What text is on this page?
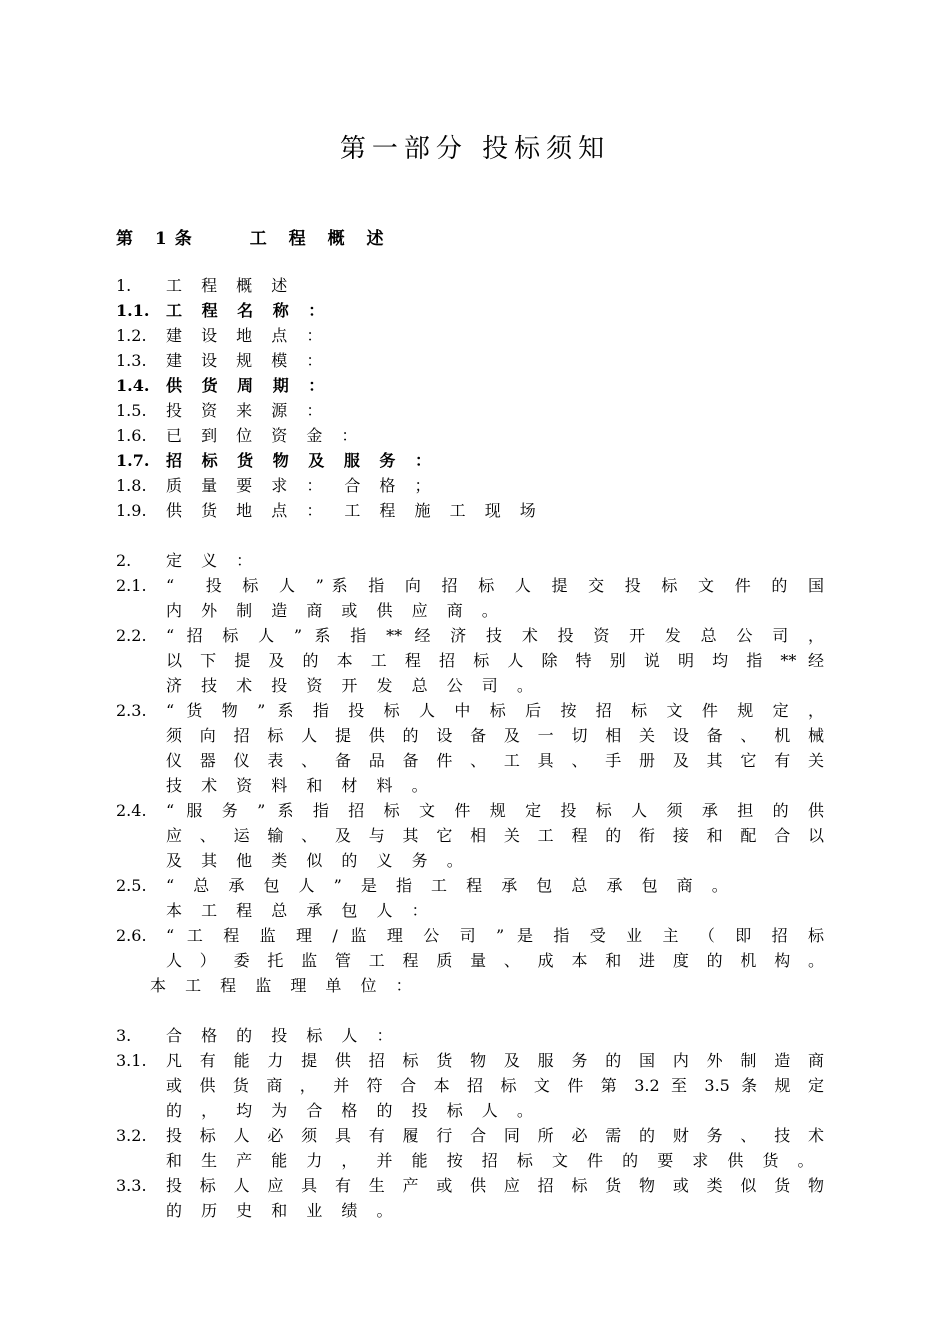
第一部分 投标须知
第 1条　　工 程 概 述
1. 工 程 概 述
1.1. 工 程 名 称 ：
1.2. 建 设 地 点 ：
1.3. 建 设 规 模 ：
1.4. 供 货 周 期 ：
1.5. 投 资 来 源 ：
1.6. 已 到 位 资 金 ：
1.7. 招 标 货 物 及 服 务 ：
1.8. 质 量 要 求 ：　合 格 ；
1.9. 供 货 地 点 ：　工 程 施 工 现 场
2. 定 义 ：
2.1.	“　投 标 人 ”系 指 向 招 标 人 提 交 投 标 文 件 的 国
内 外 制 造 商 或 供 应 商 。
2.2.	“ 招 标 人 ” 系 指 ** 经 济 技 术 投 资 开 发 总 公 司 ，
以 下 提 及 的 本 工 程 招 标 人 除 特 别 说 明 均 指 ** 经
济 技 术 投 资 开 发 总 公 司 。
2.3.	“ 货 物 ” 系 指 投 标 人 中 标 后 按 招 标 文 件 规 定 ，
须 向 招 标 人 提 供 的 设 备 及 一 切 相 关 设 备 、 机 械
仪 器 仪 表 、 备 品 备 件 、 工 具 、 手 册 及 其 它 有 关
技 术 资 料 和 材 料 。
2.4.	“ 服 务 ” 系 指 招 标 文 件 规 定 投 标 人 须 承 担 的 供
应 、 运 输 、 及 与 其 它 相 关 工 程 的 衔 接 和 配 合 以
及 其 他 类 似 的 义 务 。
2.5. “ 总 承 包 人 ” 是 指 工 程 承 包 总 承 包 商 。
本 工 程 总 承 包 人 ：
2.6.	“ 工 程 监 理 / 监 理 公 司 ” 是 指 受 业 主 （ 即 招 标
人 ） 委 托 监 管 工 程 质 量 、 成 本 和 进 度 的 机 构 。
本 工 程 监 理 单 位 ：
3. 合 格 的 投 标 人 ：
3.1.	凡 有 能 力 提 供 招 标 货 物 及 服 务 的 国 内 外 制 造 商
或 供 货 商 ， 并 符 合 本 招 标 文 件 第 3.2 至 3.5 条 规 定
的 ， 均 为 合 格 的 投 标 人 。
3.2.	投 标 人 必 须 具 有 履 行 合 同 所 必 需 的 财 务 、 技 术
和 生 产 能 力 ， 并 能 按 招 标 文 件 的 要 求 供 货 。
3.3.	投 标 人 应 具 有 生 产 或 供 应 招 标 货 物 或 类 似 货 物
的 历 史 和 业 绩 。
